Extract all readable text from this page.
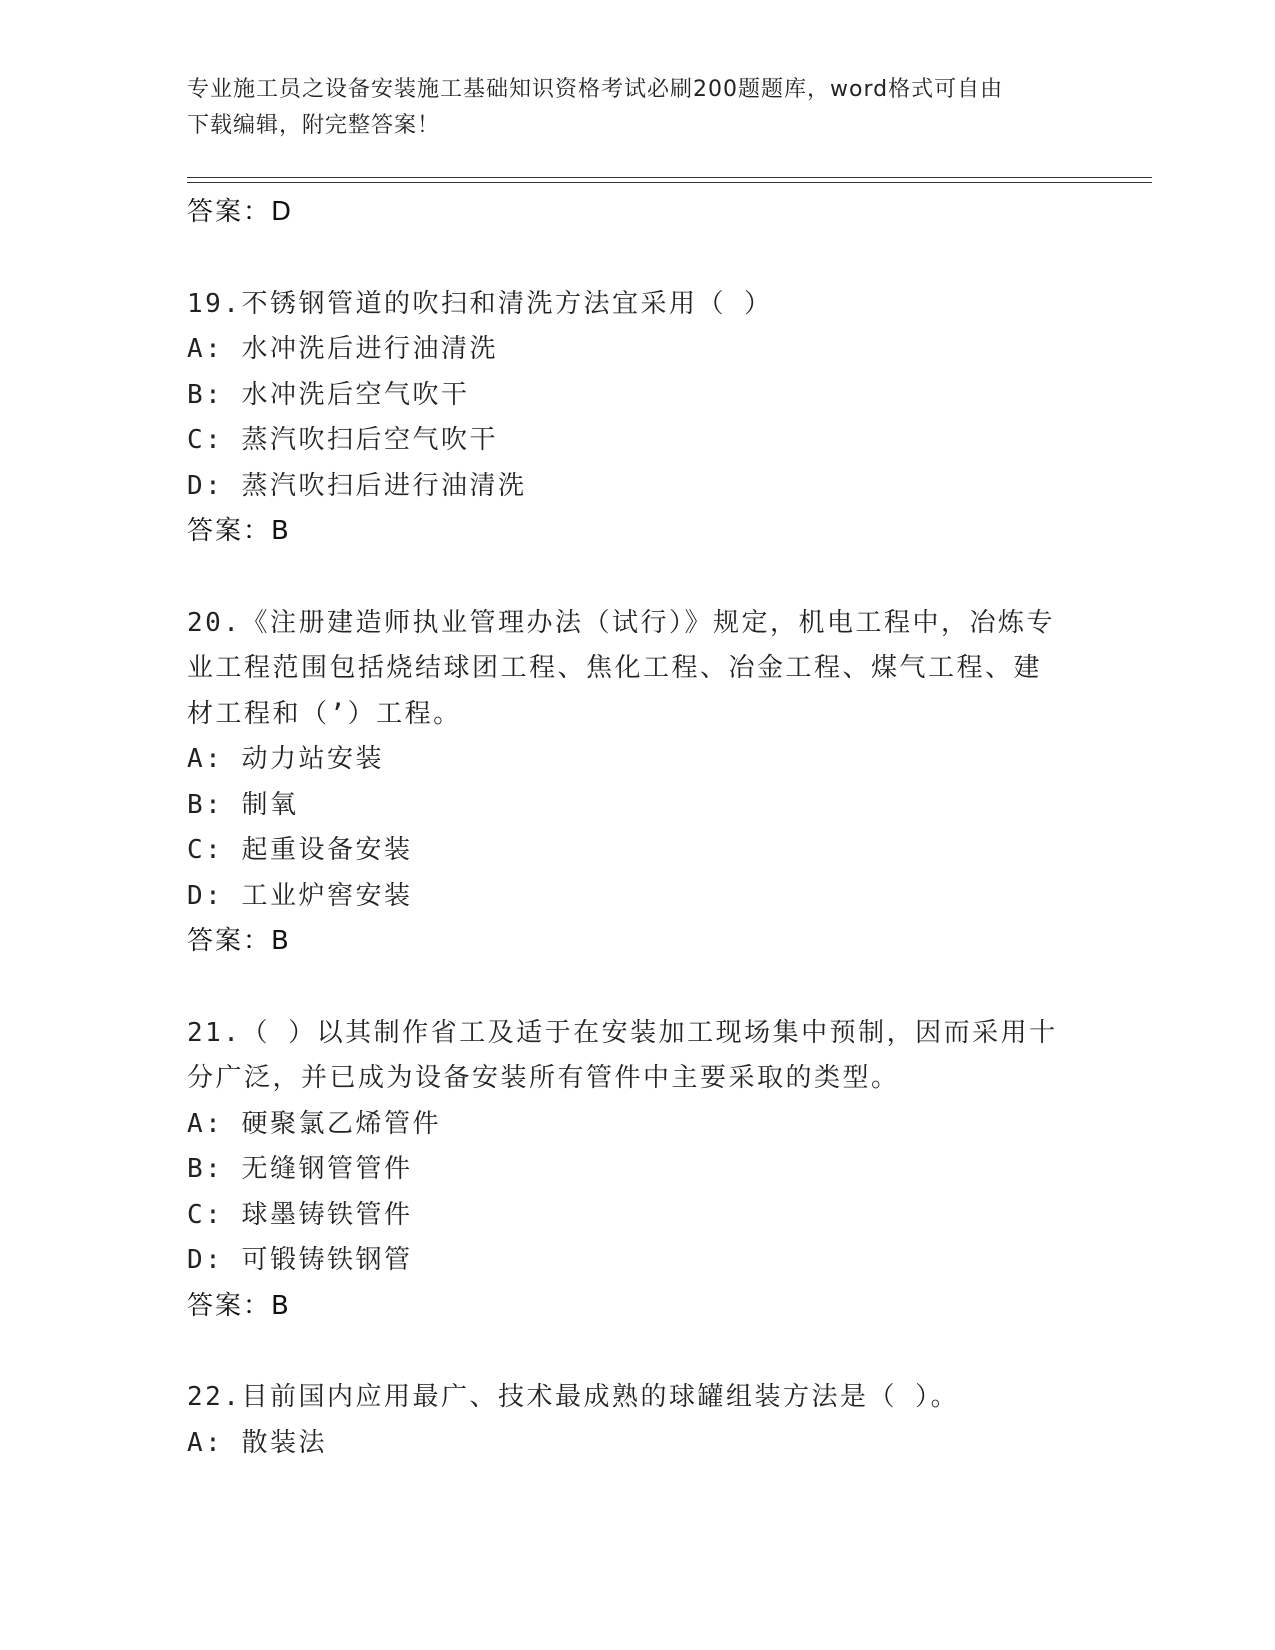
专业施工员之设备安装施工基础知识资格考试必刷200题题库，word格式可自由
下载编辑，附完整答案！
答案：D
19.不锈钢管道的吹扫和清洗方法宜采用（ ）
A: 水冲洗后进行油清洗
B: 水冲洗后空气吹干
C: 蒸汽吹扫后空气吹干
D: 蒸汽吹扫后进行油清洗
答案：B
20.《注册建造师执业管理办法（试行）》规定，机电工程中，冶炼专
业工程范围包括烧结球团工程、焦化工程、冶金工程、煤气工程、建
材工程和（’）工程。
A: 动力站安装
B: 制氧
C: 起重设备安装
D: 工业炉窖安装
答案：B
21.（ ）以其制作省工及适于在安装加工现场集中预制，因而采用十
分广泛，并已成为设备安装所有管件中主要采取的类型。
A: 硬聚氯乙烯管件
B: 无缝钢管管件
C: 球墨铸铁管件
D: 可锻铸铁钢管
答案：B
22.目前国内应用最广、技术最成熟的球罐组装方法是（ ）。
A: 散装法
